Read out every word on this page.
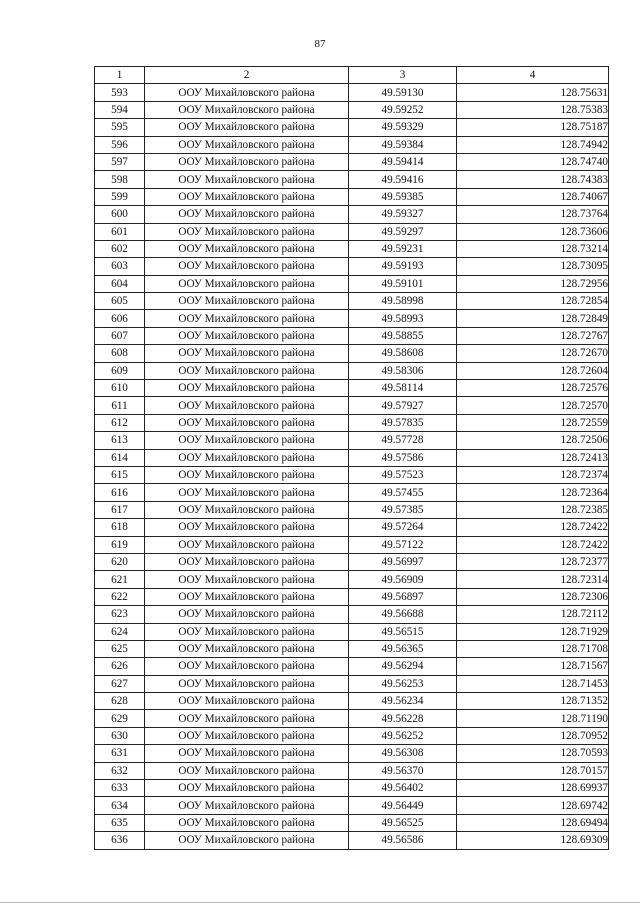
87
1	2	3	4
593	ООУ Михайловского района	49.59130	128.75631
594	ООУ Михайловского района	49.59252	128.75383
595	ООУ Михайловского района	49.59329	128.75187
596	ООУ Михайловского района	49.59384	128.74942
597	ООУ Михайловского района	49.59414	128.74740
598	ООУ Михайловского района	49.59416	128.74383
599	ООУ Михайловского района	49.59385	128.74067
600	ООУ Михайловского района	49.59327	128.73764
601	ООУ Михайловского района	49.59297	128.73606
602	ООУ Михайловского района	49.59231	128.73214
603	ООУ Михайловского района	49.59193	128.73095
604	ООУ Михайловского района	49.59101	128.72956
605	ООУ Михайловского района	49.58998	128.72854
606	ООУ Михайловского района	49.58993	128.72849
607	ООУ Михайловского района	49.58855	128.72767
608	ООУ Михайловского района	49.58608	128.72670
609	ООУ Михайловского района	49.58306	128.72604
610	ООУ Михайловского района	49.58114	128.72576
611	ООУ Михайловского района	49.57927	128.72570
612	ООУ Михайловского района	49.57835	128.72559
613	ООУ Михайловского района	49.57728	128.72506
614	ООУ Михайловского района	49.57586	128.72413
615	ООУ Михайловского района	49.57523	128.72374
616	ООУ Михайловского района	49.57455	128.72364
617	ООУ Михайловского района	49.57385	128.72385
618	ООУ Михайловского района	49.57264	128.72422
619	ООУ Михайловского района	49.57122	128.72422
620	ООУ Михайловского района	49.56997	128.72377
621	ООУ Михайловского района	49.56909	128.72314
622	ООУ Михайловского района	49.56897	128.72306
623	ООУ Михайловского района	49.56688	128.72112
624	ООУ Михайловского района	49.56515	128.71929
625	ООУ Михайловского района	49.56365	128.71708
626	ООУ Михайловского района	49.56294	128.71567
627	ООУ Михайловского района	49.56253	128.71453
628	ООУ Михайловского района	49.56234	128.71352
629	ООУ Михайловского района	49.56228	128.71190
630	ООУ Михайловского района	49.56252	128.70952
631	ООУ Михайловского района	49.56308	128.70593
632	ООУ Михайловского района	49.56370	128.70157
633	ООУ Михайловского района	49.56402	128.69937
634	ООУ Михайловского района	49.56449	128.69742
635	ООУ Михайловского района	49.56525	128.69494
636	ООУ Михайловского района	49.56586	128.69309
